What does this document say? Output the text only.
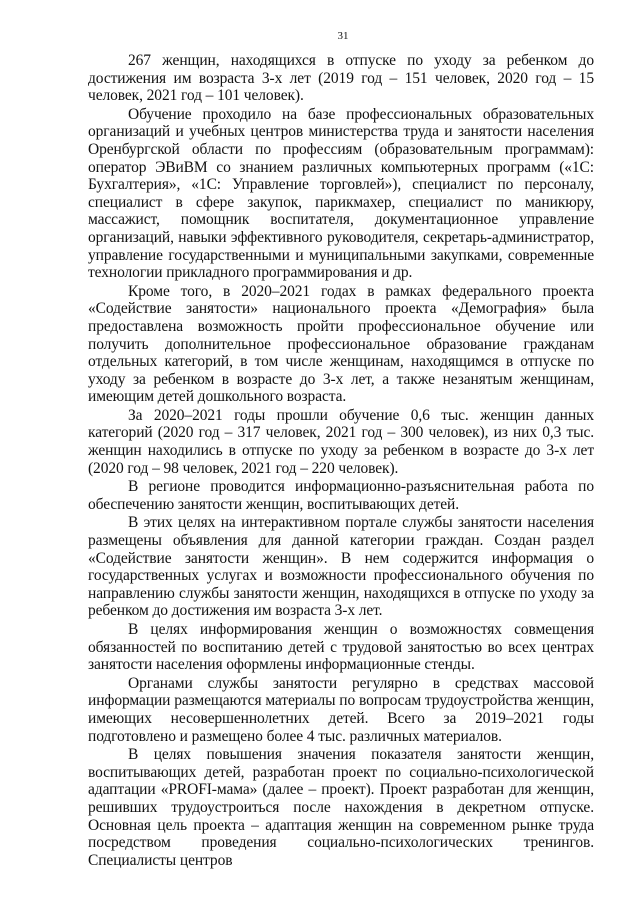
31

267 женщин, находящихся в отпуске по уходу за ребенком до достижения им возраста 3-х лет (2019 год – 151 человек, 2020 год – 15 человек, 2021 год – 101 человек).

Обучение проходило на базе профессиональных образовательных организаций и учебных центров министерства труда и занятости населения Оренбургской области по профессиям (образовательным программам): оператор ЭВиВМ со знанием различных компьютерных программ («1С: Бухгалтерия», «1С: Управление торговлей»), специалист по персоналу, специалист в сфере закупок, парикмахер, специалист по маникюру, массажист, помощник воспитателя, документационное управление организаций, навыки эффективного руководителя, секретарь-администратор, управление государственными и муниципальными закупками, современные технологии прикладного программирования и др.

Кроме того, в 2020–2021 годах в рамках федерального проекта «Содействие занятости» национального проекта «Демография» была предоставлена возможность пройти профессиональное обучение или получить дополнительное профессиональное образование гражданам отдельных категорий, в том числе женщинам, находящимся в отпуске по уходу за ребенком в возрасте до 3-х лет, а также незанятым женщинам, имеющим детей дошкольного возраста.

За 2020–2021 годы прошли обучение 0,6 тыс. женщин данных категорий (2020 год – 317 человек, 2021 год – 300 человек), из них 0,3 тыс. женщин находились в отпуске по уходу за ребенком в возрасте до 3-х лет (2020 год – 98 человек, 2021 год – 220 человек).

В регионе проводится информационно-разъяснительная работа по обеспечению занятости женщин, воспитывающих детей.

В этих целях на интерактивном портале службы занятости населения размещены объявления для данной категории граждан. Создан раздел «Содействие занятости женщин». В нем содержится информация о государственных услугах и возможности профессионального обучения по направлению службы занятости женщин, находящихся в отпуске по уходу за ребенком до достижения им возраста 3-х лет.

В целях информирования женщин о возможностях совмещения обязанностей по воспитанию детей с трудовой занятостью во всех центрах занятости населения оформлены информационные стенды.

Органами службы занятости регулярно в средствах массовой информации размещаются материалы по вопросам трудоустройства женщин, имеющих несовершеннолетних детей. Всего за 2019–2021 годы подготовлено и размещено более 4 тыс. различных материалов.

В целях повышения значения показателя занятости женщин, воспитывающих детей, разработан проект по социально-психологической адаптации «PROFI-мама» (далее – проект). Проект разработан для женщин, решивших трудоустроиться после нахождения в декретном отпуске. Основная цель проекта – адаптация женщин на современном рынке труда посредством проведения социально-психологических тренингов. Специалисты центров
